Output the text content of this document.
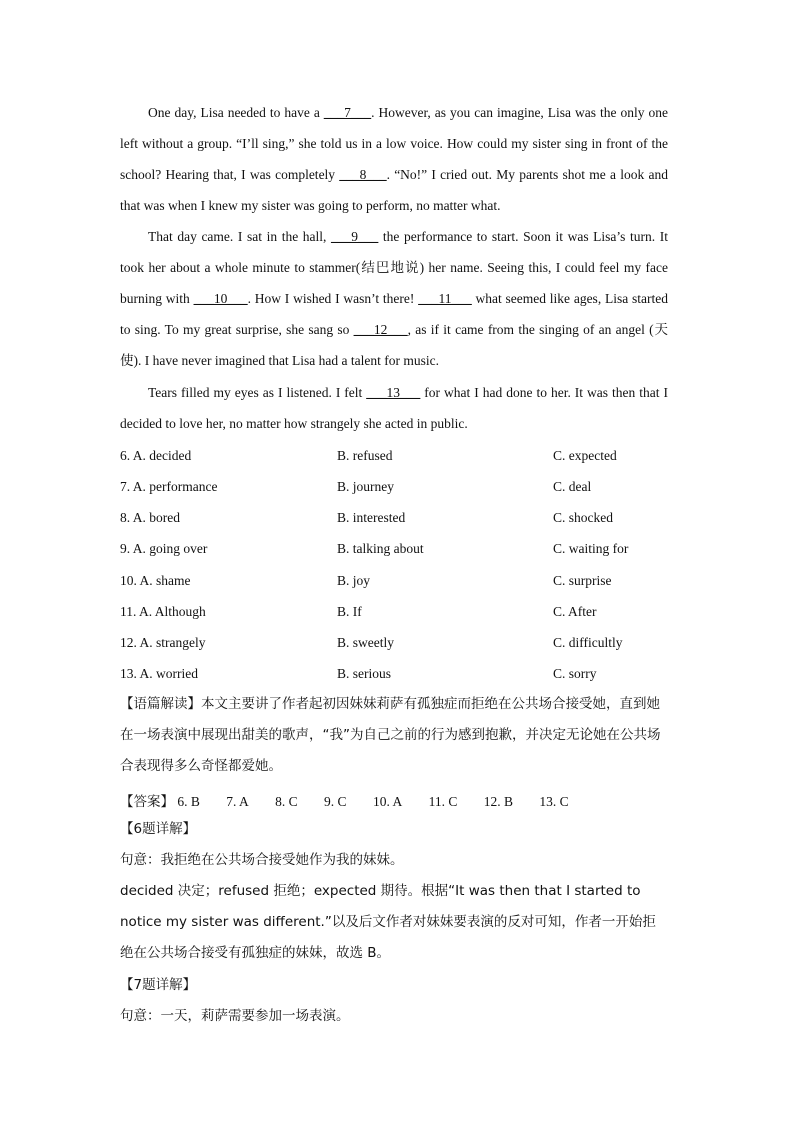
One day, Lisa needed to have a ___7___. However, as you can imagine, Lisa was the only one left without a group. “I’ll sing,” she told us in a low voice. How could my sister sing in front of the school? Hearing that, I was completely ___8___. “No!” I cried out. My parents shot me a look and that was when I knew my sister was going to perform, no matter what.
That day came. I sat in the hall, ___9___ the performance to start. Soon it was Lisa’s turn. It took her about a whole minute to stammer(结巴地说) her name. Seeing this, I could feel my face burning with ___10___. How I wished I wasn’t there! ___11___ what seemed like ages, Lisa started to sing. To my great surprise, she sang so ___12___, as if it came from the singing of an angel (天使). I have never imagined that Lisa had a talent for music.
Tears filled my eyes as I listened. I felt ___13___ for what I had done to her. It was then that I decided to love her, no matter how strangely she acted in public.
6. A. decided	B. refused	C. expected
7. A. performance	B. journey	C. deal
8. A. bored	B. interested	C. shocked
9. A. going over	B. talking about	C. waiting for
10. A. shame	B. joy	C. surprise
11. A. Although	B. If	C. After
12. A. strangely	B. sweetly	C. difficultly
13. A. worried	B. serious	C. sorry
【语篇解读】本文主要讲了作者起初因妹妹莉萨有孤独症而拒绝在公共场合接受她，直到她在一场表演中展现出甜美的歌声，“我”为自己之前的行为感到抱歉，并决定无论她在公共场合表现得多么奇怪都爱她。
【答案】 6. B 7. A 8. C 9. C 10. A 11. C 12. B 13. C
【6题详解】
句意：我拒绝在公共场合接受她作为我的妹妹。
decided 决定；refused 拒绝；expected 期待。根据“It was then that I started to notice my sister was different.”以及后文作者对妹妹要表演的反对可知，作者一开始拒绝在公共场合接受有孤独症的妹妹，故选 B。
【7题详解】
句意：一天，莉萨需要参加一场表演。
